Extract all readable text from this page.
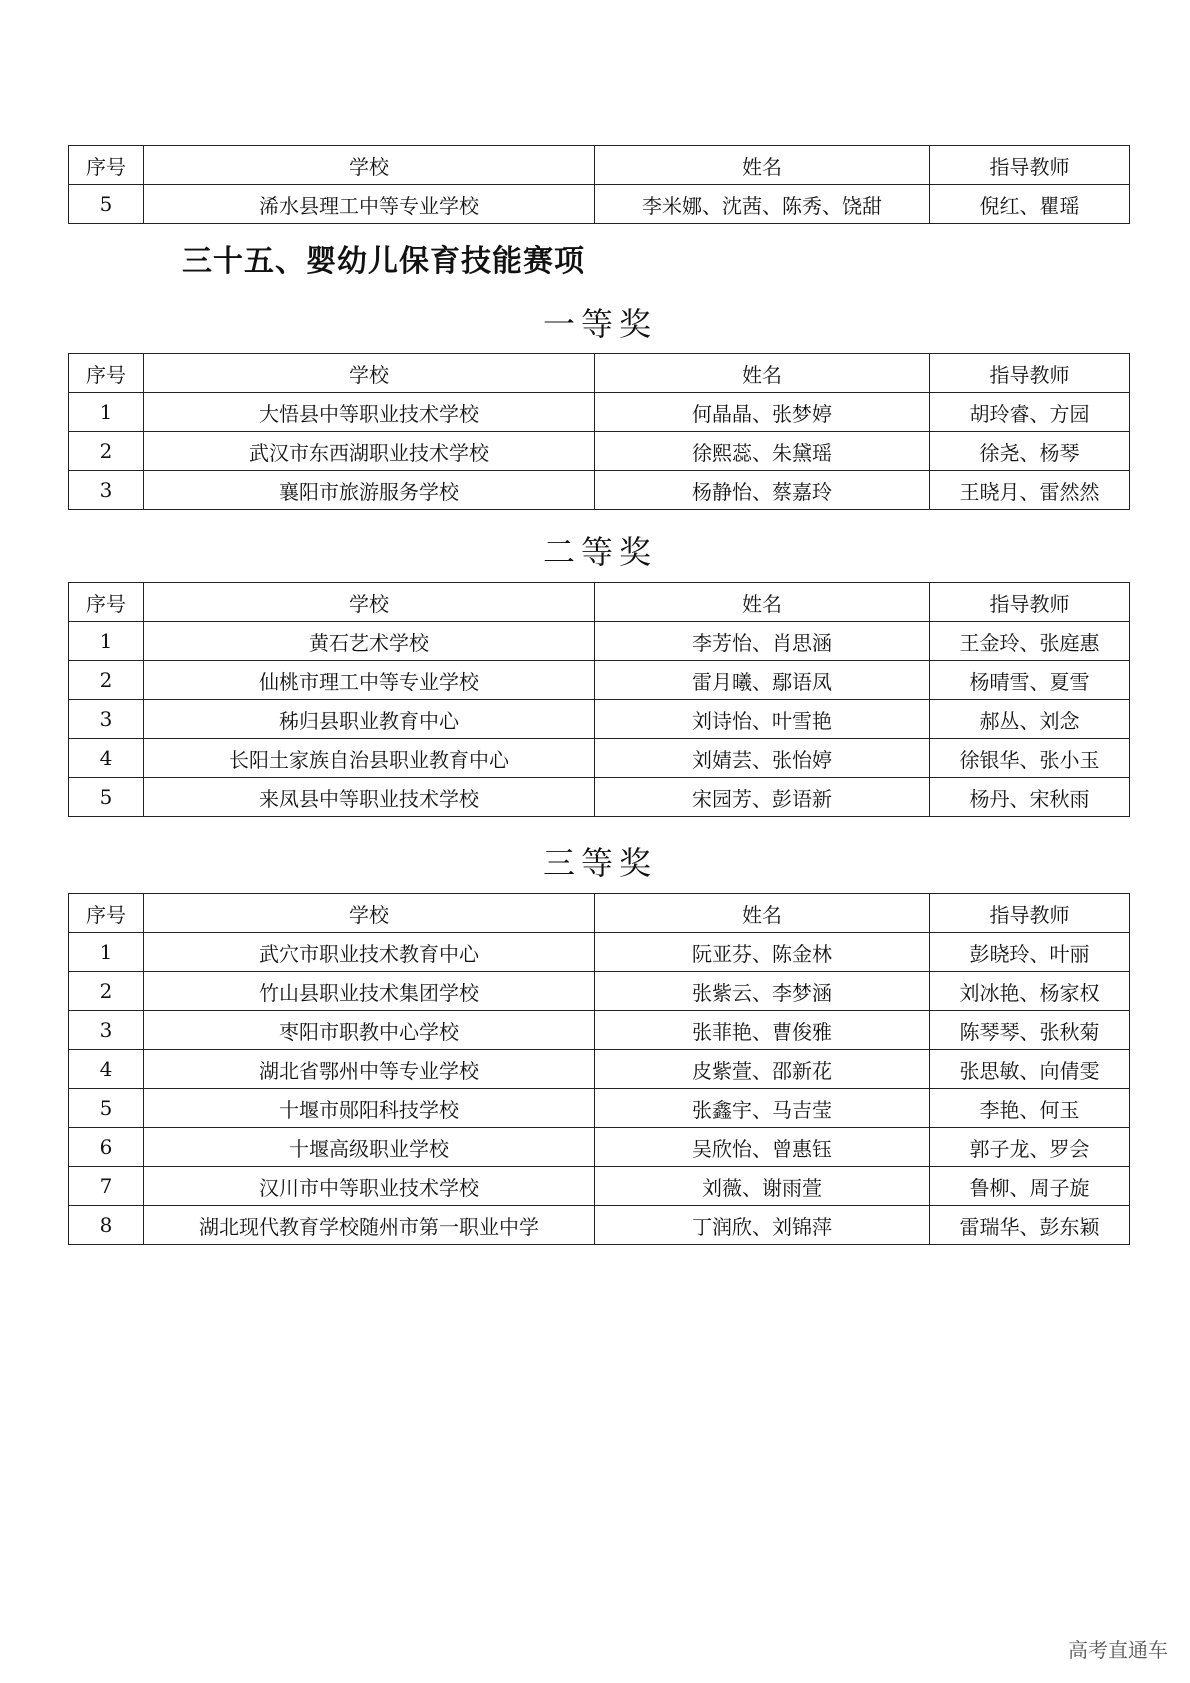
序号	学校	姓名	指导教师
5	浠水县理工中等专业学校	李米娜、沈茜、陈秀、饶甜	倪红、瞿瑶
三十五、婴幼儿保育技能赛项
一等奖
序号	学校	姓名	指导教师
1	大悟县中等职业技术学校	何晶晶、张梦婷	胡玲睿、方园
2	武汉市东西湖职业技术学校	徐熙蕊、朱黛瑶	徐尧、杨琴
3	襄阳市旅游服务学校	杨静怡、蔡嘉玲	王晓月、雷然然
二等奖
序号	学校	姓名	指导教师
1	黄石艺术学校	李芳怡、肖思涵	王金玲、张庭惠
2	仙桃市理工中等专业学校	雷月曦、鄢语凤	杨晴雪、夏雪
3	秭归县职业教育中心	刘诗怡、叶雪艳	郝丛、刘念
4	长阳土家族自治县职业教育中心	刘婧芸、张怡婷	徐银华、张小玉
5	来凤县中等职业技术学校	宋园芳、彭语新	杨丹、宋秋雨
三等奖
序号	学校	姓名	指导教师
1	武穴市职业技术教育中心	阮亚芬、陈金林	彭晓玲、叶丽
2	竹山县职业技术集团学校	张紫云、李梦涵	刘冰艳、杨家权
3	枣阳市职教中心学校	张菲艳、曹俊雅	陈琴琴、张秋菊
4	湖北省鄂州中等专业学校	皮紫萱、邵新花	张思敏、向倩雯
5	十堰市郧阳科技学校	张鑫宇、马吉莹	李艳、何玉
6	十堰高级职业学校	吴欣怡、曾惠钰	郭子龙、罗会
7	汉川市中等职业技术学校	刘薇、谢雨萱	鲁柳、周子旋
8	湖北现代教育学校随州市第一职业中学	丁润欣、刘锦萍	雷瑞华、彭东颖
高考直通车
